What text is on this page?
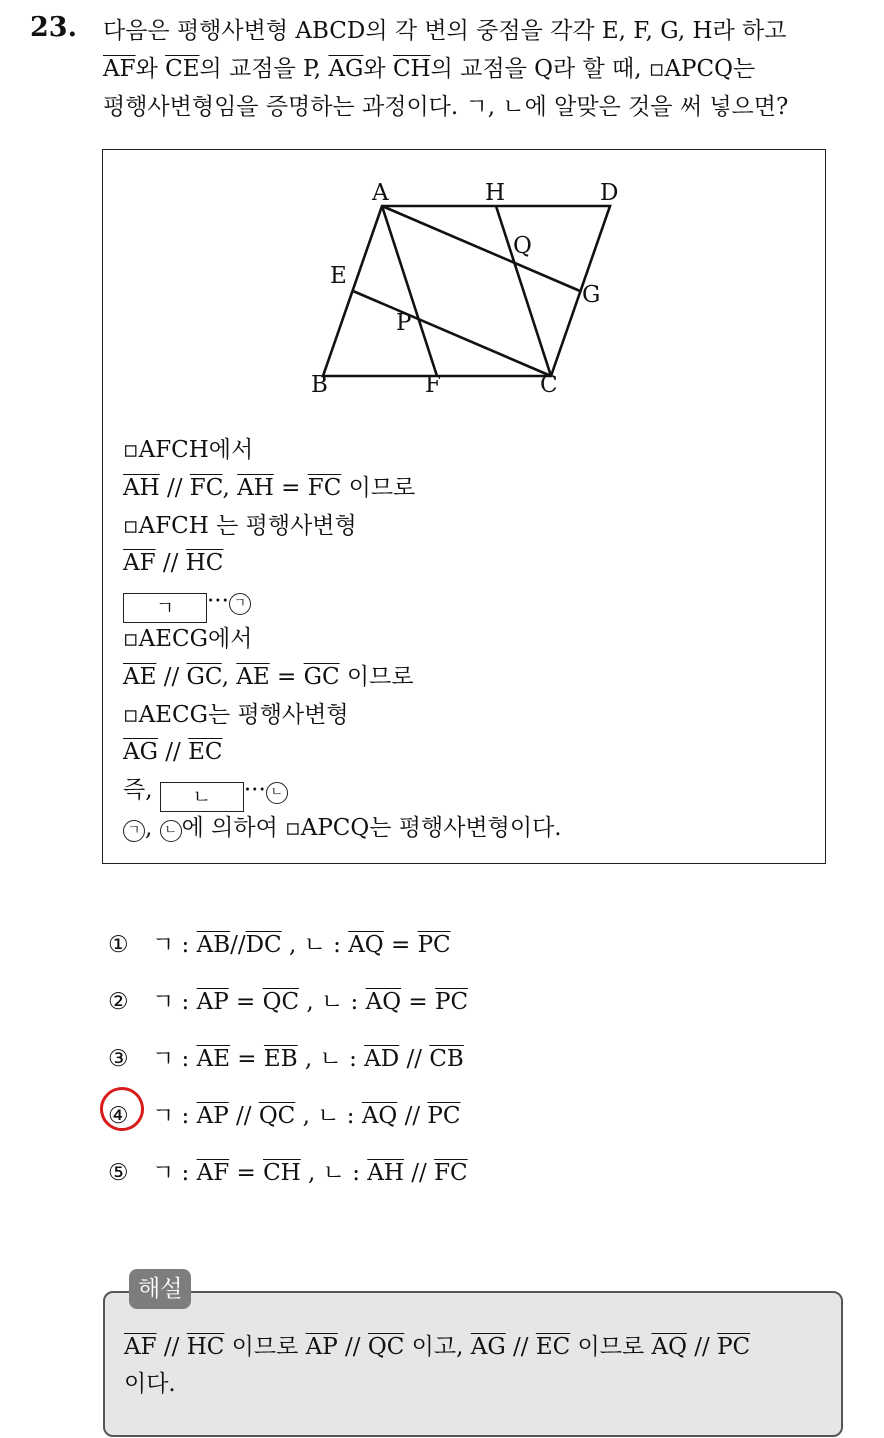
23. 다음은 평행사변형 ABCD의 각 변의 중점을 각각 E, F, G, H라 하고
$\overline{AF}$와 $\overline{CE}$의 교점을 P, $\overline{AG}$와 $\overline{CH}$의 교점을 Q라 할 때, ▫APCQ는
평행사변형임을 증명하는 과정이다. ㄱ, ㄴ에 알맞은 것을 써 넣으면?
A	H	D
Q
E
G
P
B	F	C
▫AFCH에서
$\overline{AH} // \overline{FC}$, $\overline{AH} = \overline{FC}$ 이므로
▫AFCH 는 평행사변형
$\overline{AF} // \overline{HC}$
ㄱ ··· ㄱ
▫AECG에서
$\overline{AE} // \overline{GC}$, $\overline{AE} = \overline{GC}$ 이므로
▫AECG는 평행사변형
$\overline{AG} // \overline{EC}$
즉, ㄴ ··· ㄴ
ㄱ , ㄴ 에 의하여 ▫APCQ는 평행사변형이다.
① ㄱ : $\overline{AB}//\overline{DC}$ , ㄴ : $\overline{AQ} = \overline{PC}$
② ㄱ : $\overline{AP} = \overline{QC}$ , ㄴ : $\overline{AQ} = \overline{PC}$
③ ㄱ : $\overline{AE} = \overline{EB}$ , ㄴ : $\overline{AD} // \overline{CB}$
④ ㄱ : $\overline{AP} // \overline{QC}$ , ㄴ : $\overline{AQ} // \overline{PC}$
⑤ ㄱ : $\overline{AF} = \overline{CH}$ , ㄴ : $\overline{AH} // \overline{FC}$
해설
$\overline{AF} // \overline{HC}$ 이므로 $\overline{AP} // \overline{QC}$ 이고, $\overline{AG} // \overline{EC}$ 이므로 $\overline{AQ} // \overline{PC}$
이다.
